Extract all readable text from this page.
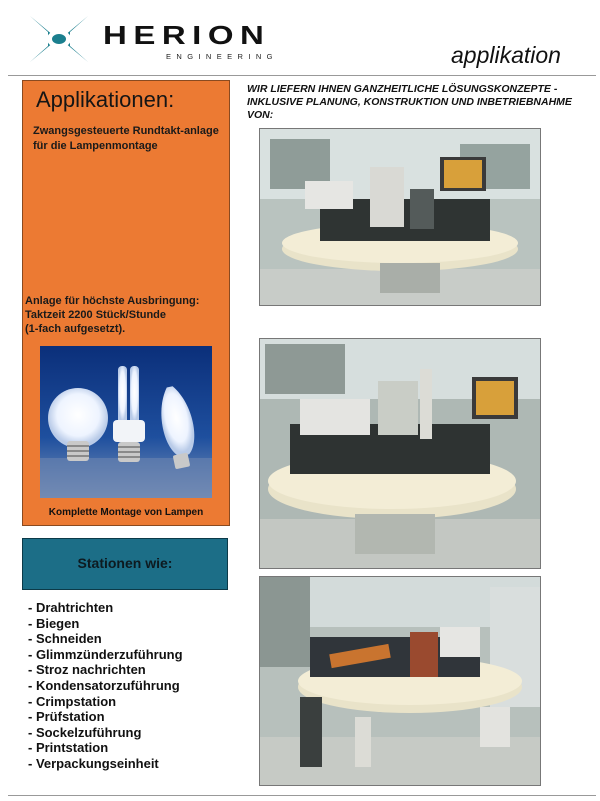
HERION
ENGINEERING	applikation
Applikationen:
Zwangsgesteuerte Rundtakt-anlage für die Lampenmontage
Anlage für höchste Ausbringung:
Taktzeit 2200 Stück/Stunde
(1-fach aufgesetzt).
Komplette Montage von Lampen
Stationen wie:
- Drahtrichten
- Biegen
- Schneiden
- Glimmzünderzuführung
- Stroz nachrichten
- Kondensatorzuführung
- Crimpstation
- Prüfstation
- Sockelzuführung
- Printstation
- Verpackungseinheit
WIR LIEFERN IHNEN GANZHEITLICHE LÖSUNGSKONZEPTE - INKLUSIVE PLANUNG, KONSTRUKTION UND INBETRIEBNAHME VON:
